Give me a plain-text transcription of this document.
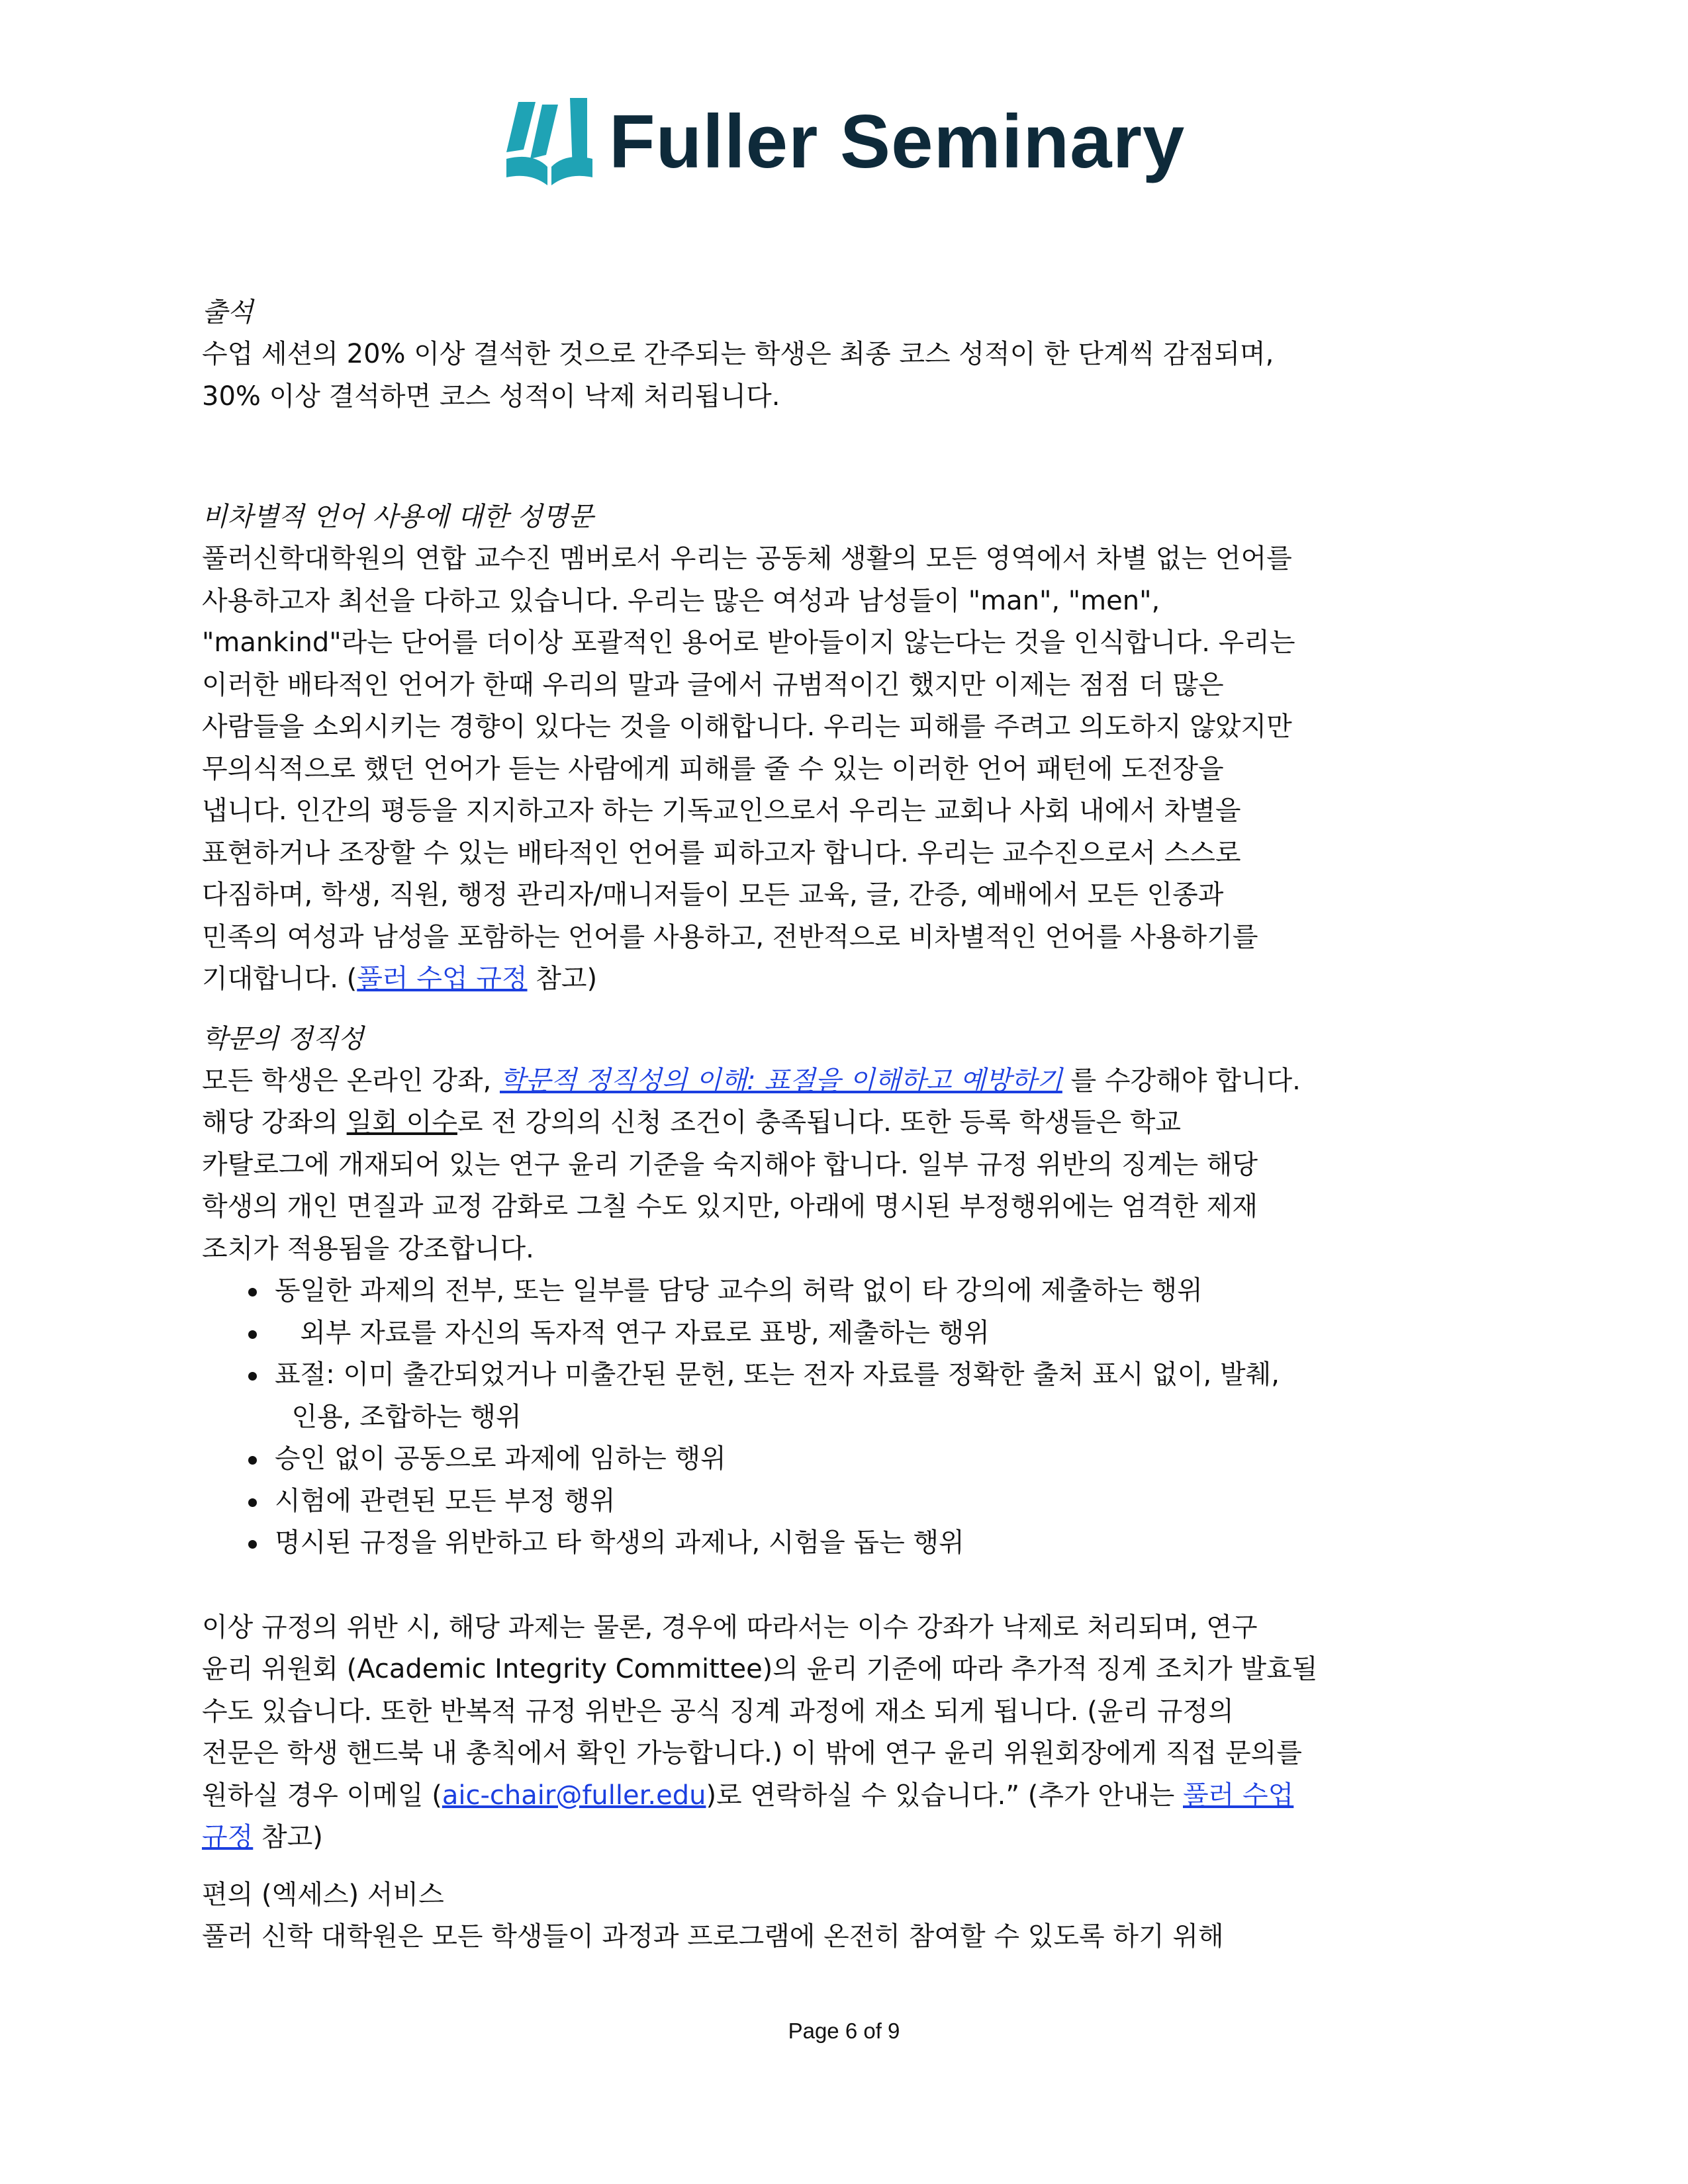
Fuller Seminary
출석

수업 세션의 20% 이상 결석한 것으로 간주되는 학생은 최종 코스 성적이 한 단계씩 감점되며,
30% 이상 결석하면 코스 성적이 낙제 처리됩니다.

비차별적 언어 사용에 대한 성명문

풀러신학대학원의 연합 교수진 멤버로서 우리는 공동체 생활의 모든 영역에서 차별 없는 언어를
사용하고자 최선을 다하고 있습니다. 우리는 많은 여성과 남성들이 "man", "men",
"mankind"라는 단어를 더이상 포괄적인 용어로 받아들이지 않는다는 것을 인식합니다. 우리는
이러한 배타적인 언어가 한때 우리의 말과 글에서 규범적이긴 했지만 이제는 점점 더 많은
사람들을 소외시키는 경향이 있다는 것을 이해합니다. 우리는 피해를 주려고 의도하지 않았지만
무의식적으로 했던 언어가 듣는 사람에게 피해를 줄 수 있는 이러한 언어 패턴에 도전장을
냅니다. 인간의 평등을 지지하고자 하는 기독교인으로서 우리는 교회나 사회 내에서 차별을
표현하거나 조장할 수 있는 배타적인 언어를 피하고자 합니다. 우리는 교수진으로서 스스로
다짐하며, 학생, 직원, 행정 관리자/매니저들이 모든 교육, 글, 간증, 예배에서 모든 인종과
민족의 여성과 남성을 포함하는 언어를 사용하고, 전반적으로 비차별적인 언어를 사용하기를
기대합니다. (풀러 수업 규정 참고)

학문의 정직성

모든 학생은 온라인 강좌, 학문적 정직성의 이해: 표절을 이해하고 예방하기 를 수강해야 합니다.
해당 강좌의 일회 이수로 전 강의의 신청 조건이 충족됩니다. 또한 등록 학생들은 학교
카탈로그에 개재되어 있는 연구 윤리 기준을 숙지해야 합니다. 일부 규정 위반의 징계는 해당
학생의 개인 면질과 교정 감화로 그칠 수도 있지만, 아래에 명시된 부정행위에는 엄격한 제재
조치가 적용됨을 강조합니다.

동일한 과제의 전부, 또는 일부를 담당 교수의 허락 없이 타 강의에 제출하는 행위
외부 자료를 자신의 독자적 연구 자료로 표방, 제출하는 행위
표절: 이미 출간되었거나 미출간된 문헌, 또는 전자 자료를 정확한 출처 표시 없이, 발췌,
인용, 조합하는 행위
승인 없이 공동으로 과제에 임하는 행위
시험에 관련된 모든 부정 행위
명시된 규정을 위반하고 타 학생의 과제나, 시험을 돕는 행위

이상 규정의 위반 시, 해당 과제는 물론, 경우에 따라서는 이수 강좌가 낙제로 처리되며, 연구
윤리 위원회 (Academic Integrity Committee)의 윤리 기준에 따라 추가적 징계 조치가 발효될
수도 있습니다. 또한 반복적 규정 위반은 공식 징계 과정에 재소 되게 됩니다. (윤리 규정의
전문은 학생 핸드북 내 총칙에서 확인 가능합니다.) 이 밖에 연구 윤리 위원회장에게 직접 문의를
원하실 경우 이메일 (aic-chair@fuller.edu)로 연락하실 수 있습니다.” (추가 안내는 풀러 수업
규정 참고)

편의 (엑세스) 서비스

풀러 신학 대학원은 모든 학생들이 과정과 프로그램에 온전히 참여할 수 있도록 하기 위해

Page 6 of 9
